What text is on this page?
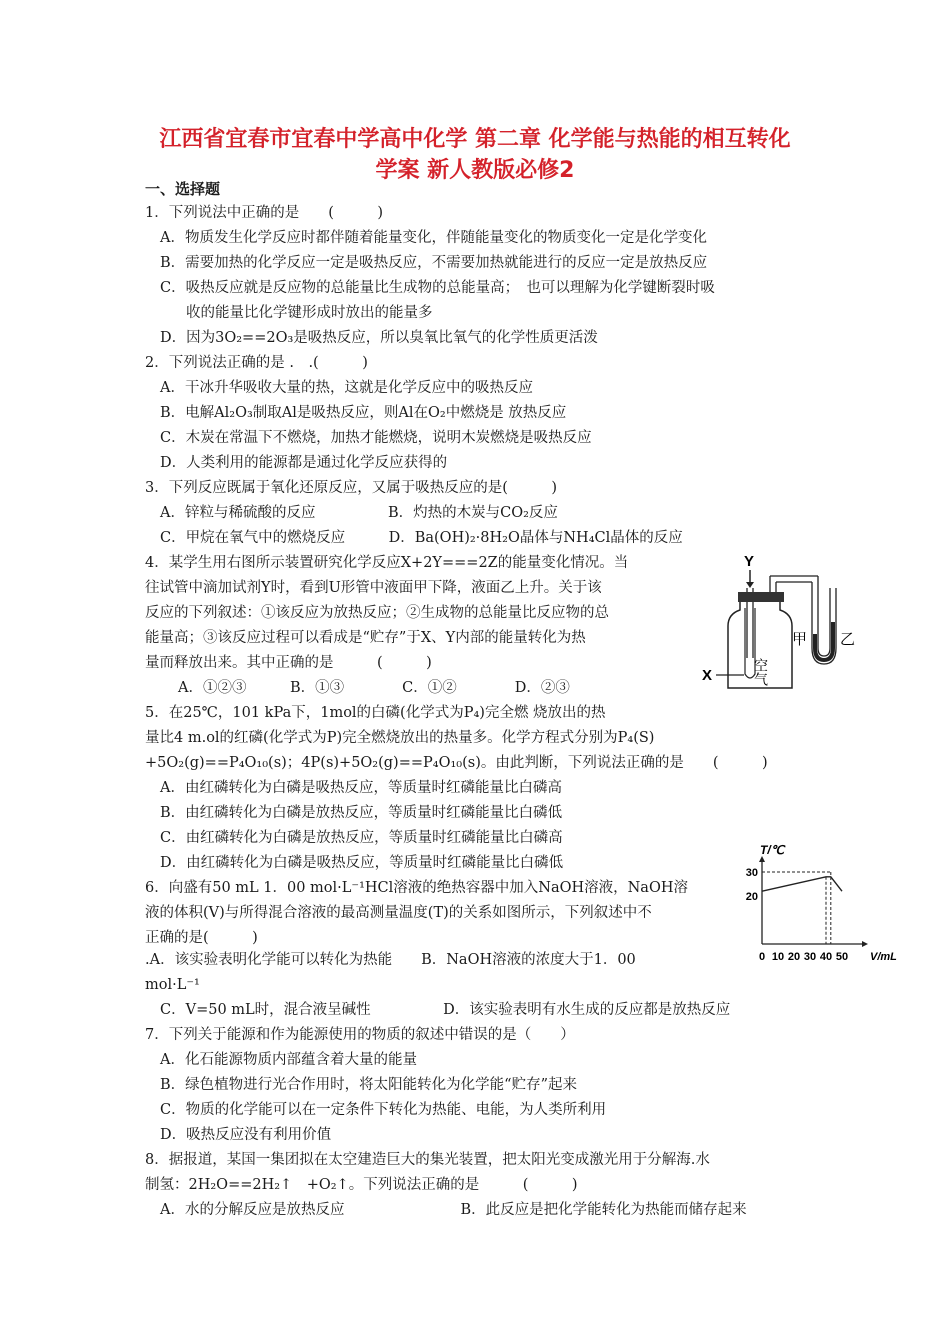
江西省宜春市宜春中学高中化学 第二章 化学能与热能的相互转化
学案 新人教版必修2
一、选择题
1．下列说法中正确的是　　(　　　)
A．物质发生化学反应时都伴随着能量变化，伴随能量变化的物质变化一定是化学变化
B．需要加热的化学反应一定是吸热反应，不需要加热就能进行的反应一定是放热反应
C．吸热反应就是反应物的总能量比生成物的总能量高；　也可以理解为化学键断裂时吸
收的能量比化学键形成时放出的能量多
D．因为3O₂==2O₃是吸热反应，所以臭氧比氧气的化学性质更活泼
2．下列说法正确的是 .　.(　　　)
A．干冰升华吸收大量的热，这就是化学反应中的吸热反应
B．电解Al₂O₃制取Al是吸热反应，则Al在O₂中燃烧是 放热反应
C．木炭在常温下不燃烧，加热才能燃烧，说明木炭燃烧是吸热反应
D．人类利用的能源都是通过化学反应获得的
3．下列反应既属于氧化还原反应，又属于吸热反应的是(　　　)
A．锌粒与稀硫酸的反应　　　　　B．灼热的木炭与CO₂反应
C．甲烷在氧气中的燃烧反应　　　D．Ba(OH)₂·8H₂O晶体与NH₄Cl晶体的反应
4．某学生用右图所示装置研究化学反应X+2Y===2Z的能量变化情况。当
往试管中滴加试剂Y时，看到U形管中液面甲下降，液面乙上升。关于该
反应的下列叙述：①该反应为放热反应；②生成物的总能量比反应物的总
能量高；③该反应过程可以看成是“贮存”于X、Y内部的能量转化为热
量而释放出来。其中正确的是　　　(　　　)
A．①②③　　　B．①③　　　　C．①②　　　　D．②③
5．在25℃，101 kPa下，1mol的白磷(化学式为P₄)完全燃 烧放出的热
量比4 m.ol的红磷(化学式为P)完全燃烧放出的热量多。化学方程式分别为P₄(S)
+5O₂(g)==P₄O₁₀(s)；4P(s)+5O₂(g)==P₄O₁₀(s)。由此判断，下列说法正确的是　　(　　　)
A．由红磷转化为白磷是吸热反应，等质量时红磷能量比白磷高
B．由红磷转化为白磷是放热反应，等质量时红磷能量比白磷低
C．由红磷转化为白磷是放热反应，等质量时红磷能量比白磷高
D．由红磷转化为白磷是吸热反应，等质量时红磷能量比白磷低
6．向盛有50 mL 1．00 mol·L⁻¹HCl溶液的绝热容器中加入NaOH溶液，NaOH溶
液的体积(V)与所得混合溶液的最高测量温度(T)的关系如图所示，下列叙述中不
正确的是(　　　)
.A．该实验表明化学能可以转化为热能　　B．NaOH溶液的浓度大于1．00
mol·L⁻¹
C．V=50 mL时，混合液呈碱性　　　　　D．该实验表明有水生成的反应都是放热反应
7．下列关于能源和作为能源使用的物质的叙述中错误的是（　　）
A．化石能源物质内部蕴含着大量的能量
B．绿色植物进行光合作用时，将太阳能转化为化学能“贮存”起来
C．物质的化学能可以在一定条件下转化为热能、电能，为人类所利用
D．吸热反应没有利用价值
8．据报道，某国一集团拟在太空建造巨大的集光装置，把太阳光变成激光用于分解海.水
制氢：2H₂O==2H₂↑　+O₂↑。下列说法正确的是　　　(　　　)
A．水的分解反应是放热反应　　　　　　　　B．此反应是把化学能转化为热能而储存起来
Y
空气
X
甲 乙
T/℃
V/mL
20
30
0 10 20 30 40 50
